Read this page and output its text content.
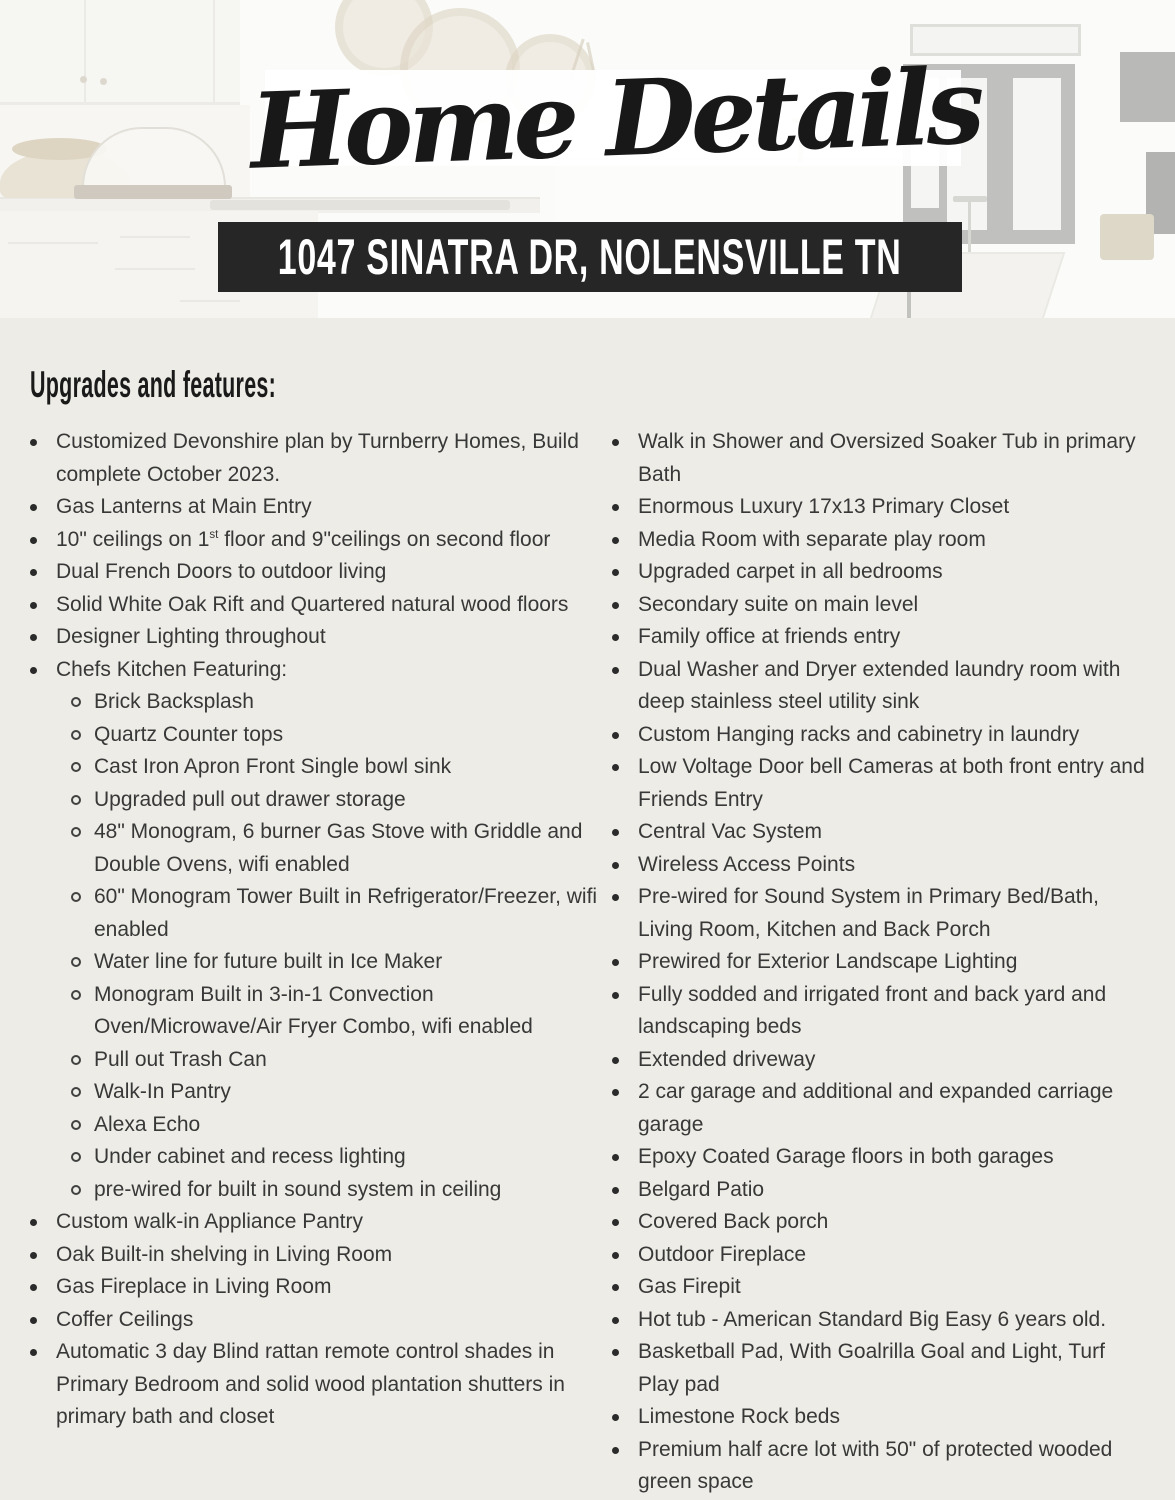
Home Details
1047 SINATRA DR, NOLENSVILLE TN
Upgrades and features:
Customized Devonshire plan by Turnberry Homes, Build complete October 2023.
Gas Lanterns at Main Entry
10" ceilings on 1st floor and 9"ceilings on second floor
Dual French Doors to outdoor living
Solid White Oak Rift and Quartered natural wood floors
Designer Lighting throughout
Chefs Kitchen Featuring:
Brick Backsplash
Quartz Counter tops
Cast Iron Apron Front Single bowl sink
Upgraded pull out drawer storage
48" Monogram, 6 burner Gas Stove with Griddle and Double Ovens, wifi enabled
60" Monogram Tower Built in Refrigerator/Freezer, wifi enabled
Water line for future built in Ice Maker
Monogram Built in 3-in-1 Convection Oven/Microwave/Air Fryer Combo, wifi enabled
Pull out Trash Can
Walk-In Pantry
Alexa Echo
Under cabinet and recess lighting
pre-wired for built in sound system in ceiling
Custom walk-in Appliance Pantry
Oak Built-in shelving in Living Room
Gas Fireplace in Living Room
Coffer Ceilings
Automatic 3 day Blind rattan remote control shades in Primary Bedroom and solid wood plantation shutters in primary bath and closet
Walk in Shower and Oversized Soaker Tub in primary Bath
Enormous Luxury 17x13 Primary Closet
Media Room with separate play room
Upgraded carpet in all bedrooms
Secondary suite on main level
Family office at friends entry
Dual Washer and Dryer extended laundry room with deep stainless steel utility sink
Custom Hanging racks and cabinetry in laundry
Low Voltage Door bell Cameras at both front entry and Friends Entry
Central Vac System
Wireless Access Points
Pre-wired for Sound System in Primary Bed/Bath, Living Room, Kitchen and Back Porch
Prewired for Exterior Landscape Lighting
Fully sodded and irrigated front and back yard and landscaping beds
Extended driveway
2 car garage and additional and expanded carriage garage
Epoxy Coated Garage floors in both garages
Belgard Patio
Covered Back porch
Outdoor Fireplace
Gas Firepit
Hot tub - American Standard Big Easy 6 years old.
Basketball Pad, With Goalrilla Goal and Light, Turf Play pad
Limestone Rock beds
Premium half acre lot with 50" of protected wooded green space
